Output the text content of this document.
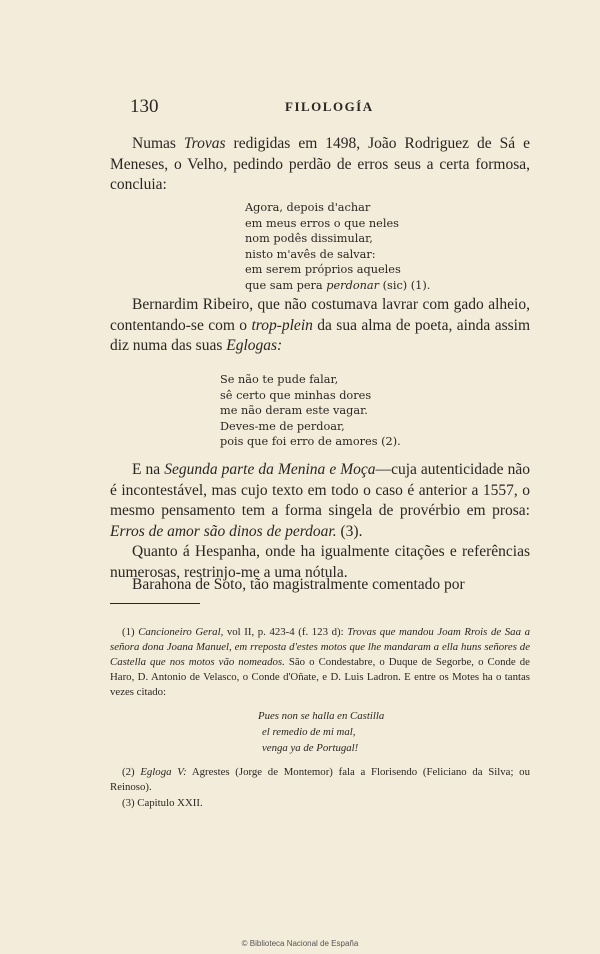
130	FILOLOGÍA
Numas Trovas redigidas em 1498, João Rodriguez de Sá e Meneses, o Velho, pedindo perdão de erros seus a certa formosa, concluia:
Agora, depois d'achar
em meus erros o que neles
nom podês dissimular,
nisto m'avês de salvar:
em serem próprios aqueles
que sam pera perdonar (sic) (1).
Bernardim Ribeiro, que não costumava lavrar com gado alheio, contentando-se com o trop-plein da sua alma de poeta, ainda assim diz numa das suas Eglogas:
Se não te pude falar,
sê certo que minhas dores
me não deram este vagar.
Deves-me de perdoar,
pois que foi erro de amores (2).
E na Segunda parte da Menina e Moça—cuja autenticidade não é incontestável, mas cujo texto em todo o caso é anterior a 1557, o mesmo pensamento tem a forma singela de provérbio em prosa: Erros de amor são dinos de perdoar. (3).
Quanto á Hespanha, onde ha igualmente citações e referências numerosas, restrinjo-me a uma nótula.
Barahona de Soto, tão magistralmente comentado por
(1) Cancioneiro Geral, vol II, p. 423-4 (f. 123 d): Trovas que mandou Joam Rrois de Saa a señora dona Joana Manuel, em rreposta d'estes motos que lhe mandaram a ella huns señores de Castella que nos motos vão nomeados. São o Condestabre, o Duque de Segorbe, o Conde de Haro, D. Antonio de Velasco, o Conde d'Oñate, e D. Luis Ladron. E entre os Motes ha o tantas vezes citado:
Pues non se halla en Castilla
el remedio de mi mal,
venga ya de Portugal!
(2) Egloga V: Agrestes (Jorge de Montemor) fala a Florisendo (Feliciano da Silva; ou Reinoso).
(3) Capitulo XXII.
© Biblioteca Nacional de España
